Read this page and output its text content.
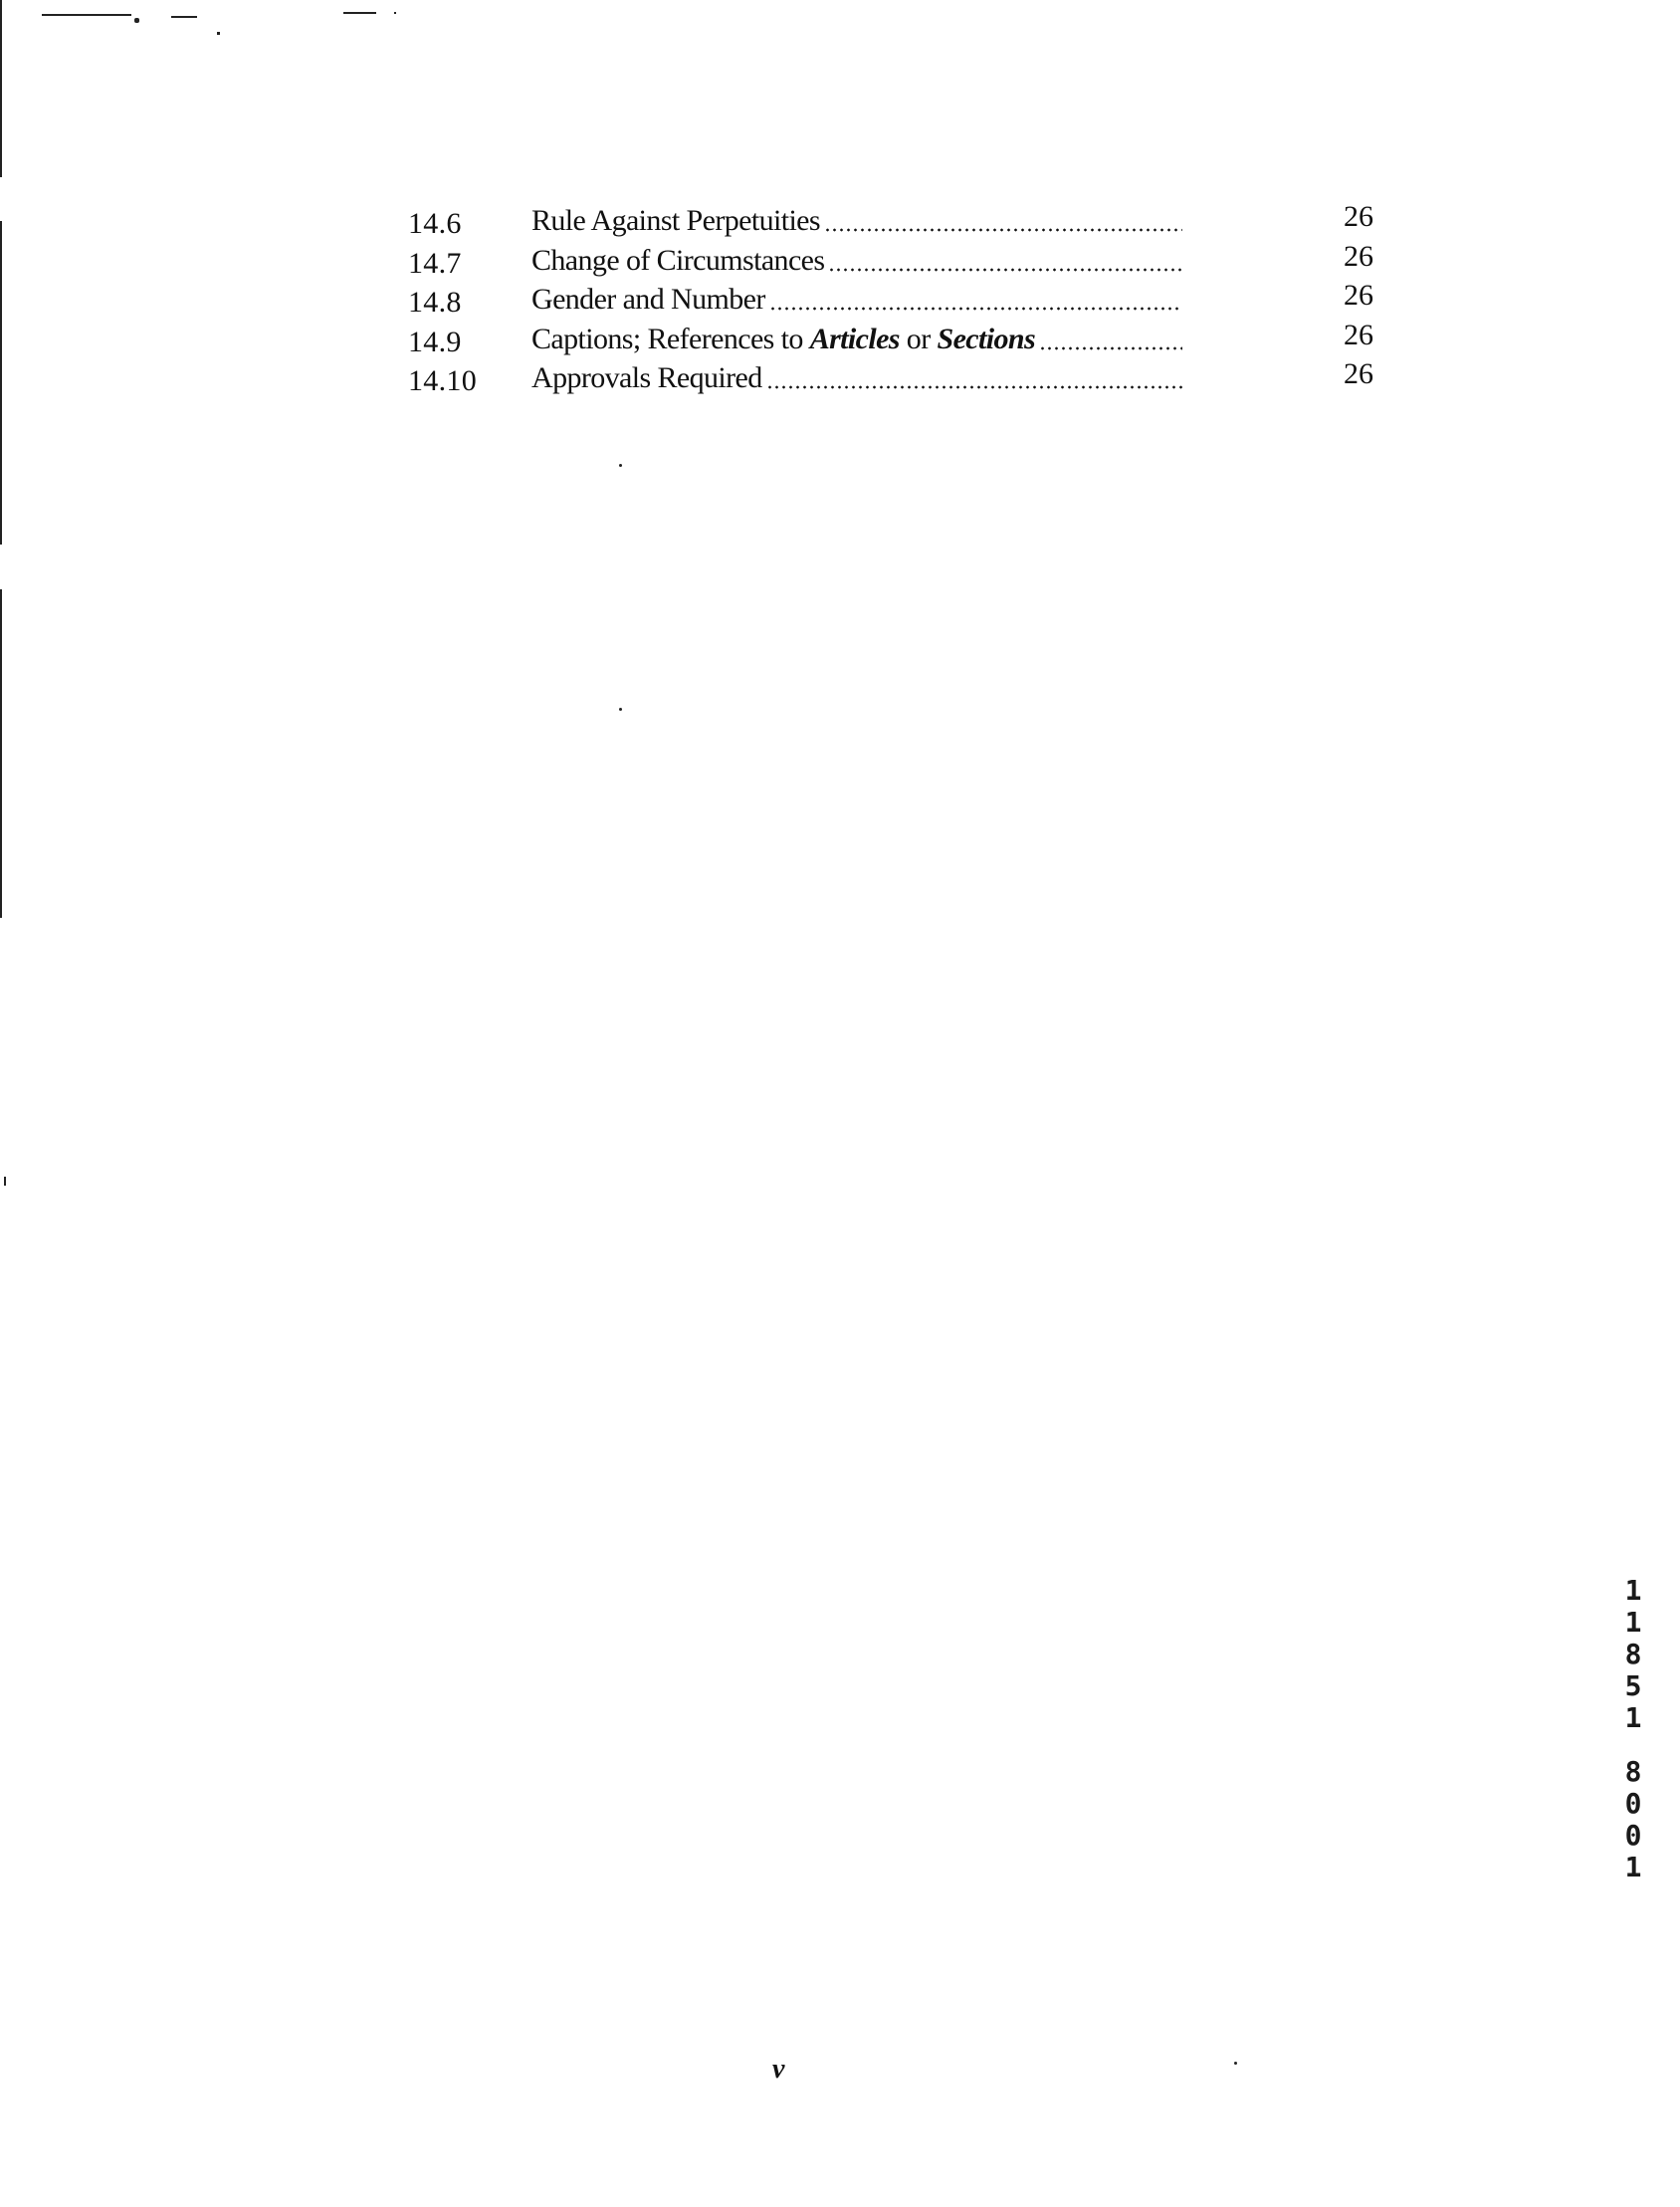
14.6 Rule Against Perpetuities	26
14.7 Change of Circumstances	26
14.8 Gender and Number	26
14.9 Captions; References to Articles or Sections	26
14.10 Approvals Required	26
v
1
1
8
5
1
8
0
0
1
